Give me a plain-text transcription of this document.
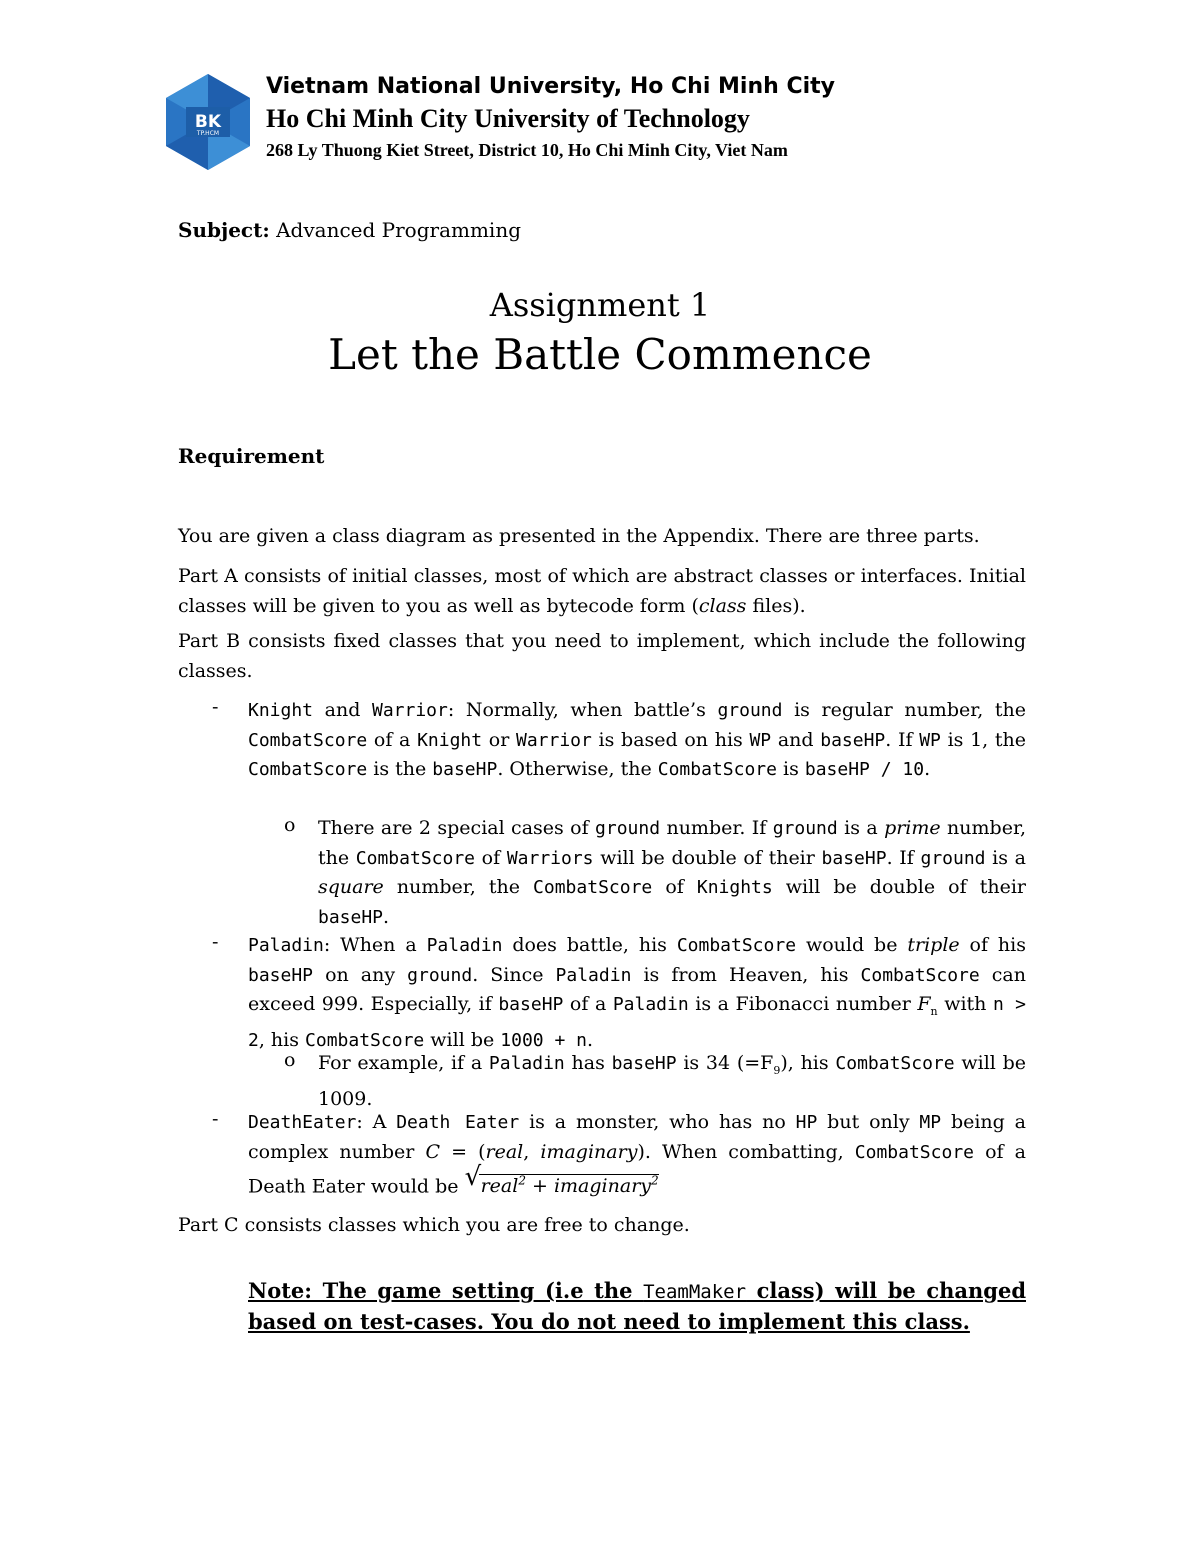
BK
TP.HCM
Vietnam National University, Ho Chi Minh City
Ho Chi Minh City University of Technology
268 Ly Thuong Kiet Street, District 10, Ho Chi Minh City, Viet Nam
Subject: Advanced Programming
Assignment 1
Let the Battle Commence
Requirement

You are given a class diagram as presented in the Appendix. There are three parts.

Part A consists of initial classes, most of which are abstract classes or interfaces. Initial classes will be given to you as well as bytecode form (class files).

Part B consists fixed classes that you need to implement, which include the following classes.

- Knight and Warrior: Normally, when battle’s ground is regular number, the CombatScore of a Knight or Warrior is based on his WP and baseHP. If WP is 1, the CombatScore is the baseHP. Otherwise, the CombatScore is baseHP / 10.
o There are 2 special cases of ground number. If ground is a prime number, the CombatScore of Warriors will be double of their baseHP. If ground is a square number, the CombatScore of Knights will be double of their baseHP.
- Paladin: When a Paladin does battle, his CombatScore would be triple of his baseHP on any ground. Since Paladin is from Heaven, his CombatScore can exceed 999. Especially, if baseHP of a Paladin is a Fibonacci number $F_n$ with n > 2, his CombatScore will be 1000 + n.
o For example, if a Paladin has baseHP is 34 $(=F_9)$, his CombatScore will be 1009.
- DeathEater: A Death Eater is a monster, who has no HP but only MP being a complex number C = (real, imaginary). When combatting, CombatScore of a Death Eater would be √ real$^2$ + imaginary$^2$

Part C consists classes which you are free to change.

Note: The game setting (i.e the TeamMaker class) will be changed based on test-cases. You do not need to implement this class.
